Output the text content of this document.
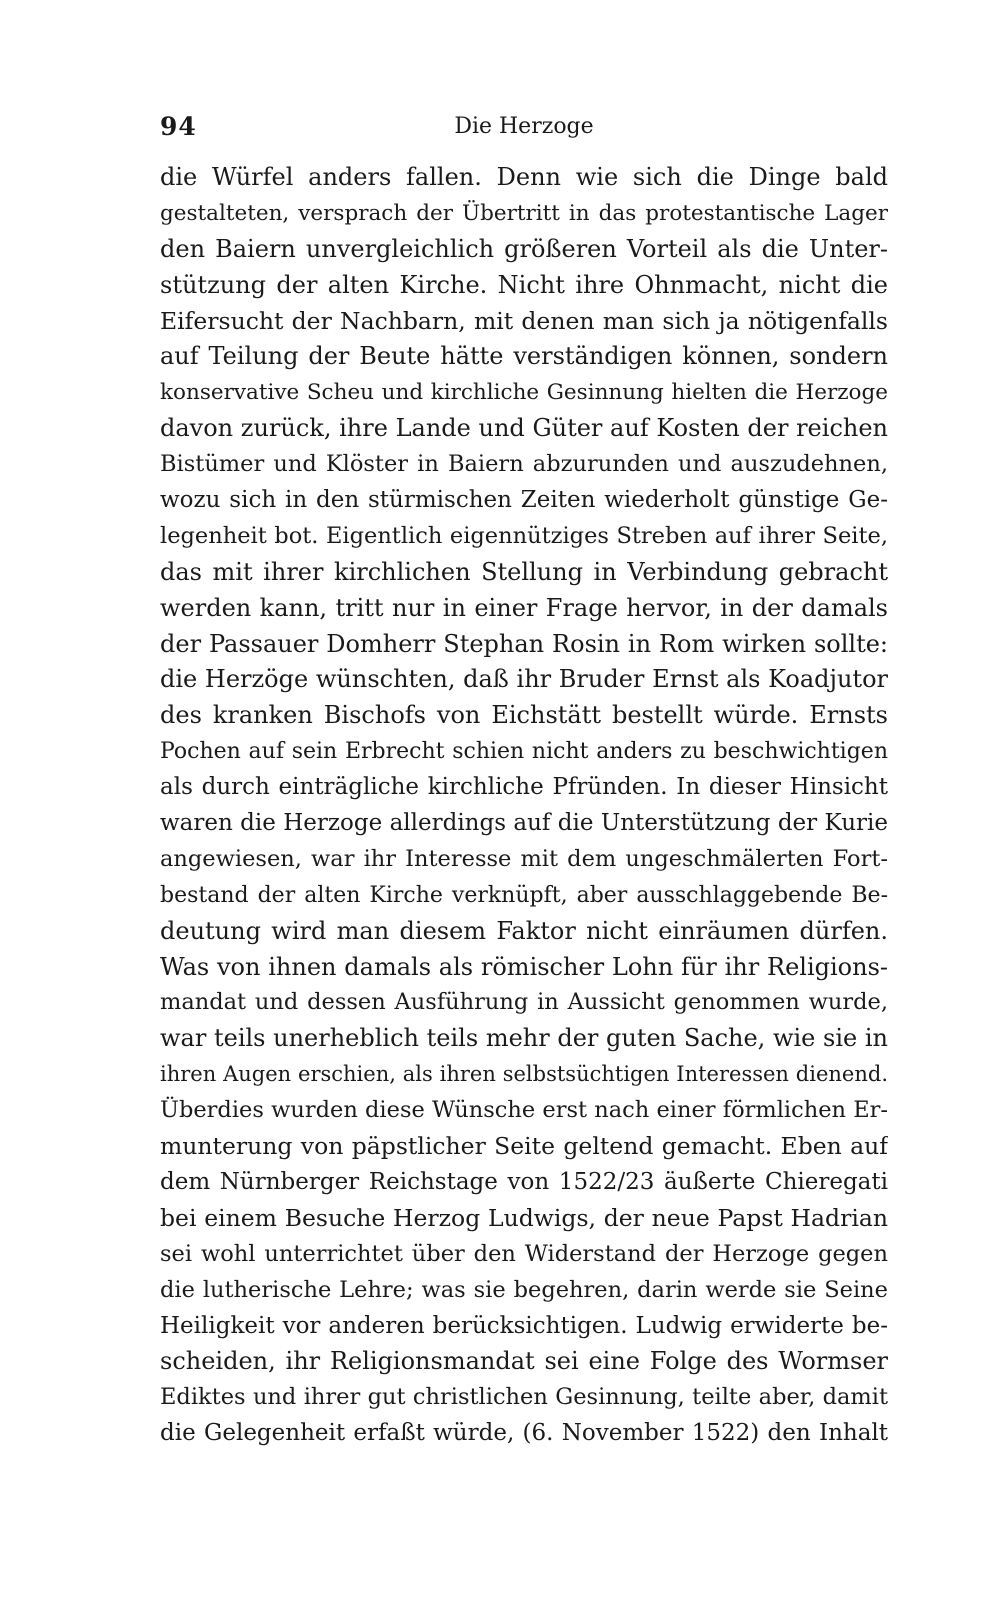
94	Die Herzoge
die Würfel anders fallen. Denn wie sich die Dinge bald
gestalteten, versprach der Übertritt in das protestantische Lager
den Baiern unvergleichlich größeren Vorteil als die Unter-
stützung der alten Kirche. Nicht ihre Ohnmacht, nicht die
Eifersucht der Nachbarn, mit denen man sich ja nötigenfalls
auf Teilung der Beute hätte verständigen können, sondern
konservative Scheu und kirchliche Gesinnung hielten die Herzoge
davon zurück, ihre Lande und Güter auf Kosten der reichen
Bistümer und Klöster in Baiern abzurunden und auszudehnen,
wozu sich in den stürmischen Zeiten wiederholt günstige Ge-
legenheit bot. Eigentlich eigennütziges Streben auf ihrer Seite,
das mit ihrer kirchlichen Stellung in Verbindung gebracht
werden kann, tritt nur in einer Frage hervor, in der damals
der Passauer Domherr Stephan Rosin in Rom wirken sollte:
die Herzöge wünschten, daß ihr Bruder Ernst als Koadjutor
des kranken Bischofs von Eichstätt bestellt würde. Ernsts
Pochen auf sein Erbrecht schien nicht anders zu beschwichtigen
als durch einträgliche kirchliche Pfründen. In dieser Hinsicht
waren die Herzoge allerdings auf die Unterstützung der Kurie
angewiesen, war ihr Interesse mit dem ungeschmälerten Fort-
bestand der alten Kirche verknüpft, aber ausschlaggebende Be-
deutung wird man diesem Faktor nicht einräumen dürfen.
Was von ihnen damals als römischer Lohn für ihr Religions-
mandat und dessen Ausführung in Aussicht genommen wurde,
war teils unerheblich teils mehr der guten Sache, wie sie in
ihren Augen erschien, als ihren selbstsüchtigen Interessen dienend.
Überdies wurden diese Wünsche erst nach einer förmlichen Er-
munterung von päpstlicher Seite geltend gemacht. Eben auf
dem Nürnberger Reichstage von 1522/23 äußerte Chieregati
bei einem Besuche Herzog Ludwigs, der neue Papst Hadrian
sei wohl unterrichtet über den Widerstand der Herzoge gegen
die lutherische Lehre; was sie begehren, darin werde sie Seine
Heiligkeit vor anderen berücksichtigen. Ludwig erwiderte be-
scheiden, ihr Religionsmandat sei eine Folge des Wormser
Ediktes und ihrer gut christlichen Gesinnung, teilte aber, damit
die Gelegenheit erfaßt würde, (6. November 1522) den Inhalt
